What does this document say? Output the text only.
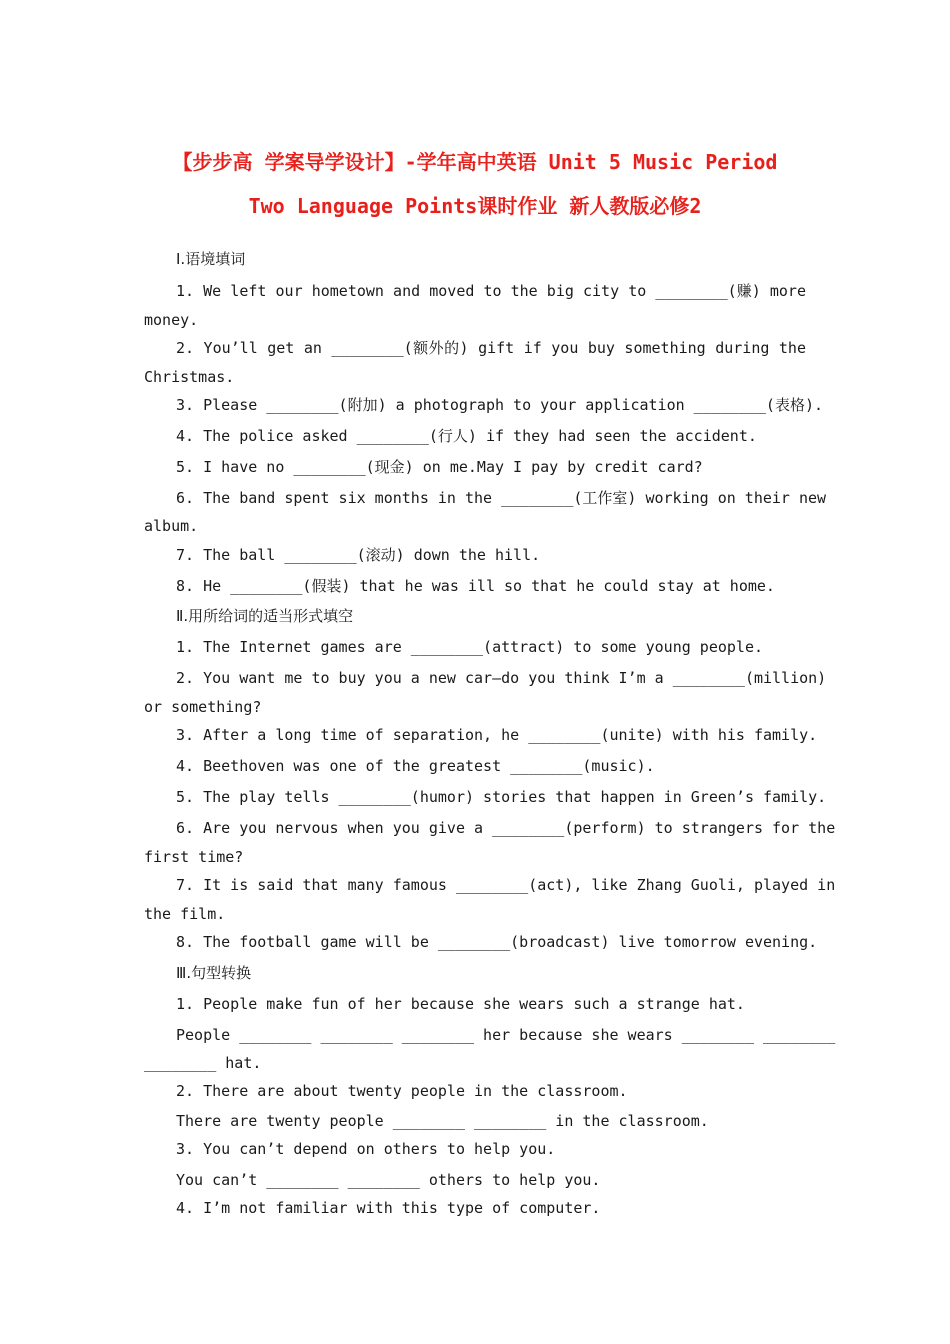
【步步高 学案导学设计】-学年高中英语 Unit 5 Music Period
Two Language Points课时作业 新人教版必修2
Ⅰ.语境填词
1. We left our hometown and moved to the big city to ________(赚) more
money.
2. You’ll get an ________(额外的) gift if you buy something during the
Christmas.
3. Please ________(附加) a photograph to your application ________(表格).
4. The police asked ________(行人) if they had seen the accident.
5. I have no ________(现金) on me.May I pay by credit card?
6. The band spent six months in the ________(工作室) working on their new
album.
7. The ball ________(滚动) down the hill.
8. He ________(假装) that he was ill so that he could stay at home.
Ⅱ.用所给词的适当形式填空
1. The Internet games are ________(attract) to some young people.
2. You want me to buy you a new car—do you think I’m a ________(million)
or something?
3. After a long time of separation, he ________(unite) with his family.
4. Beethoven was one of the greatest ________(music).
5. The play tells ________(humor) stories that happen in Green’s family.
6. Are you nervous when you give a ________(perform) to strangers for the
first time?
7. It is said that many famous ________(act), like Zhang Guoli, played in
the film.
8. The football game will be ________(broadcast) live tomorrow evening.
Ⅲ.句型转换
1. People make fun of her because she wears such a strange hat.
People ________ ________ ________ her because she wears ________ ________
________ hat.
2. There are about twenty people in the classroom.
There are twenty people ________ ________ in the classroom.
3. You can’t depend on others to help you.
You can’t ________ ________ others to help you.
4. I’m not familiar with this type of computer.
